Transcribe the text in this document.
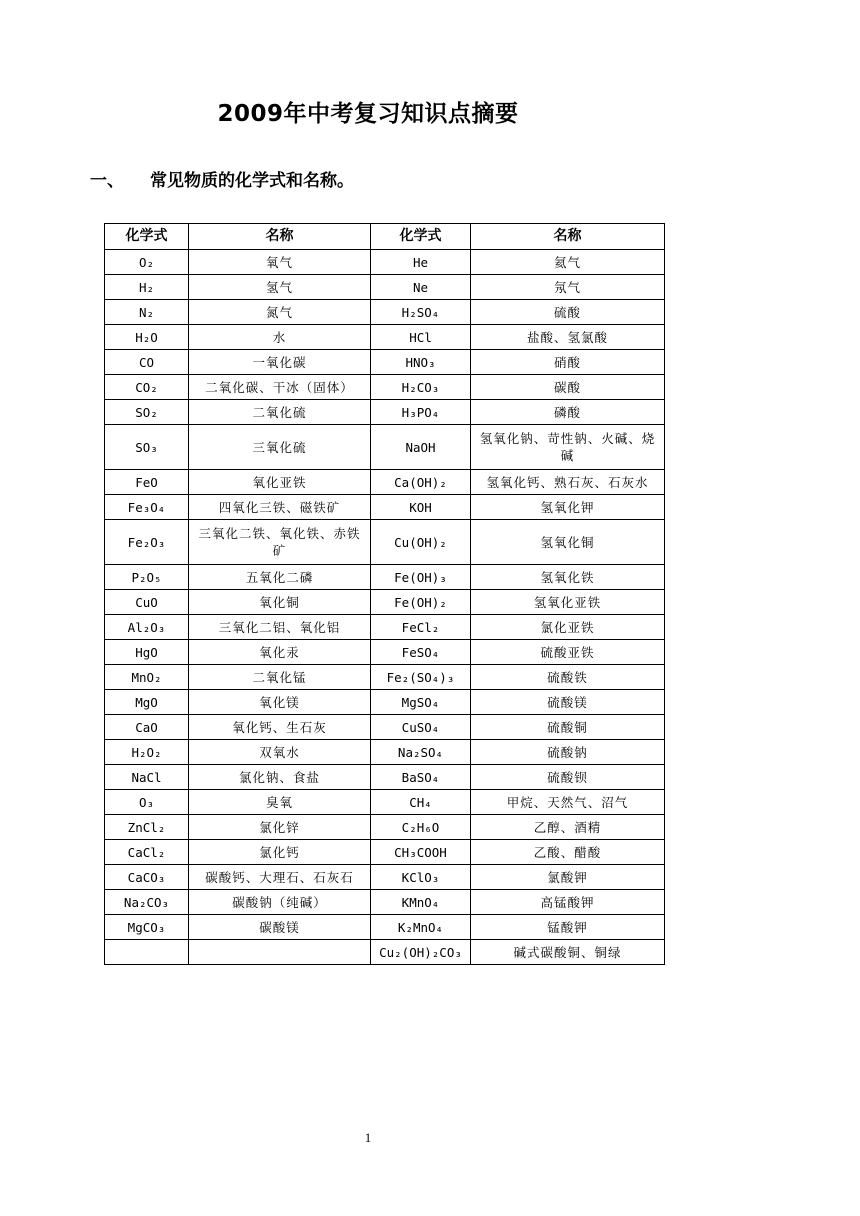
2009年中考复习知识点摘要
一、 常见物质的化学式和名称。
化学式	名称	化学式	名称
O₂	氧气	He	氦气
H₂	氢气	Ne	氖气
N₂	氮气	H₂SO₄	硫酸
H₂O	水	HCl	盐酸、氢氯酸
CO	一氧化碳	HNO₃	硝酸
CO₂	二氧化碳、干冰（固体）	H₂CO₃	碳酸
SO₂	二氧化硫	H₃PO₄	磷酸
SO₃	三氧化硫	NaOH	氢氧化钠、苛性钠、火碱、烧碱
FeO	氧化亚铁	Ca(OH)₂	氢氧化钙、熟石灰、石灰水
Fe₃O₄	四氧化三铁、磁铁矿	KOH	氢氧化钾
Fe₂O₃	三氧化二铁、氧化铁、赤铁矿	Cu(OH)₂	氢氧化铜
P₂O₅	五氧化二磷	Fe(OH)₃	氢氧化铁
CuO	氧化铜	Fe(OH)₂	氢氧化亚铁
Al₂O₃	三氧化二铝、氧化铝	FeCl₂	氯化亚铁
HgO	氧化汞	FeSO₄	硫酸亚铁
MnO₂	二氧化锰	Fe₂(SO₄)₃	硫酸铁
MgO	氧化镁	MgSO₄	硫酸镁
CaO	氧化钙、生石灰	CuSO₄	硫酸铜
H₂O₂	双氧水	Na₂SO₄	硫酸钠
NaCl	氯化钠、食盐	BaSO₄	硫酸钡
O₃	臭氧	CH₄	甲烷、天然气、沼气
ZnCl₂	氯化锌	C₂H₆O	乙醇、酒精
CaCl₂	氯化钙	CH₃COOH	乙酸、醋酸
CaCO₃	碳酸钙、大理石、石灰石	KClO₃	氯酸钾
Na₂CO₃	碳酸钠（纯碱）	KMnO₄	高锰酸钾
MgCO₃	碳酸镁	K₂MnO₄	锰酸钾
		Cu₂(OH)₂CO₃	碱式碳酸铜、铜绿
1
